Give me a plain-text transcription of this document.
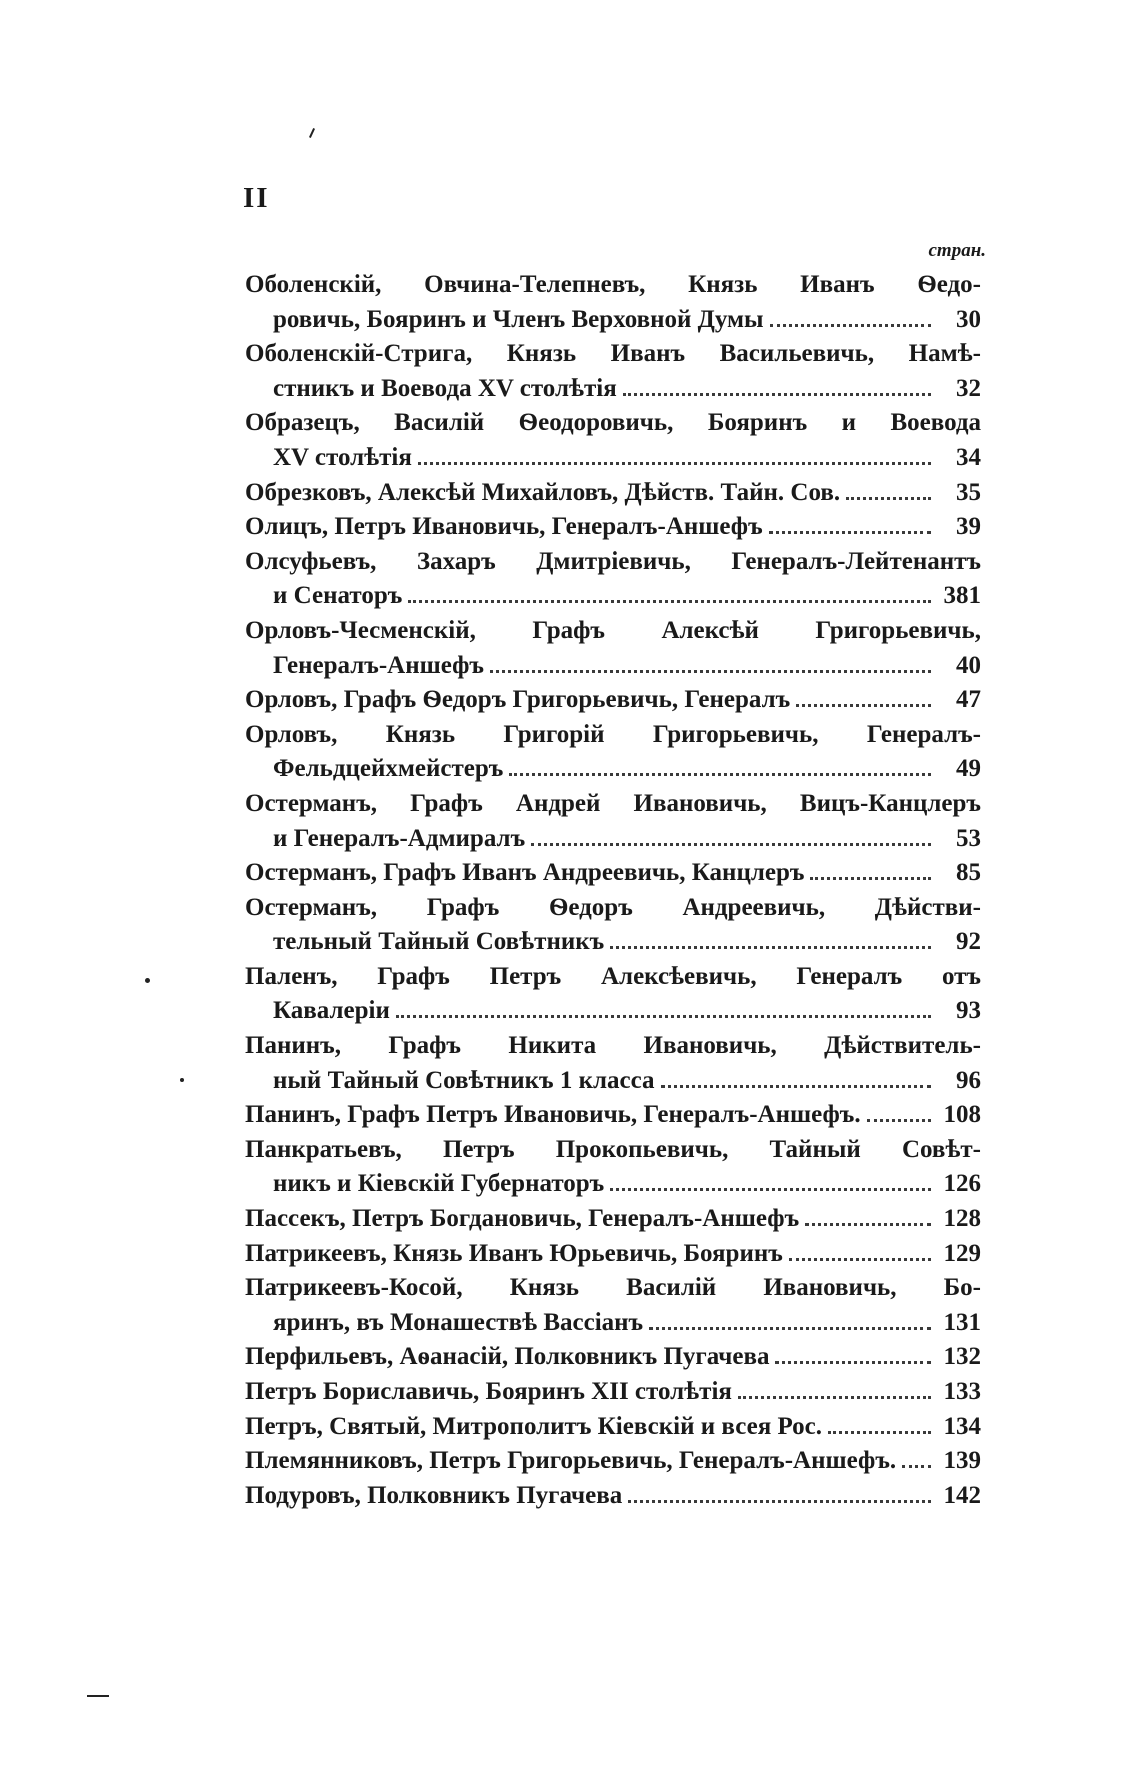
II
стран.
Оболенскій, Овчина-Телепневъ, Князь Иванъ Ѳедо-
ровичь, Бояринъ и Членъ Верховной Думы	30
Оболенскій-Стрига, Князь Иванъ Васильевичь, Намѣ-
стникъ и Воевода XV столѣтія	32
Образецъ, Василій Ѳеодоровичь, Бояринъ и Воевода
XV столѣтія	34
Обрезковъ, Алексѣй Михайловъ, Дѣйств. Тайн. Сов.	35
Олицъ, Петръ Ивановичь, Генералъ-Аншефъ	39
Олсуфьевъ, Захаръ Дмитріевичь, Генералъ-Лейтенантъ
и Сенаторъ	381
Орловъ-Чесменскій, Графъ Алексѣй Григорьевичь,
Генералъ-Аншефъ	40
Орловъ, Графъ Ѳедоръ Григорьевичь, Генералъ	47
Орловъ, Князь Григорій Григорьевичь, Генералъ-
Фельдцейхмейстеръ	49
Остерманъ, Графъ Андрей Ивановичь, Вицъ-Канцлеръ
и Генералъ-Адмиралъ	53
Остерманъ, Графъ Иванъ Андреевичь, Канцлеръ	85
Остерманъ, Графъ Ѳедоръ Андреевичь, Дѣйстви-
тельный Тайный Совѣтникъ	92
Паленъ, Графъ Петръ Алексѣевичь, Генералъ отъ
Кавалеріи	93
Панинъ, Графъ Никита Ивановичь, Дѣйствитель-
ный Тайный Совѣтникъ 1 класса	96
Панинъ, Графъ Петръ Ивановичь, Генералъ-Аншефъ.	108
Панкратьевъ, Петръ Прокопьевичь, Тайный Совѣт-
никъ и Кіевскій Губернаторъ	126
Пассекъ, Петръ Богдановичь, Генералъ-Аншефъ	128
Патрикеевъ, Князь Иванъ Юрьевичь, Бояринъ	129
Патрикеевъ-Косой, Князь Василій Ивановичь, Бо-
яринъ, въ Монашествѣ Вассіанъ	131
Перфильевъ, Аѳанасій, Полковникъ Пугачева	132
Петръ Бориславичь, Бояринъ XII столѣтія	133
Петръ, Святый, Митрополитъ Кіевскій и всея Рос.	134
Племянниковъ, Петръ Григорьевичь, Генералъ-Аншефъ. 139
Подуровъ, Полковникъ Пугачева	142
